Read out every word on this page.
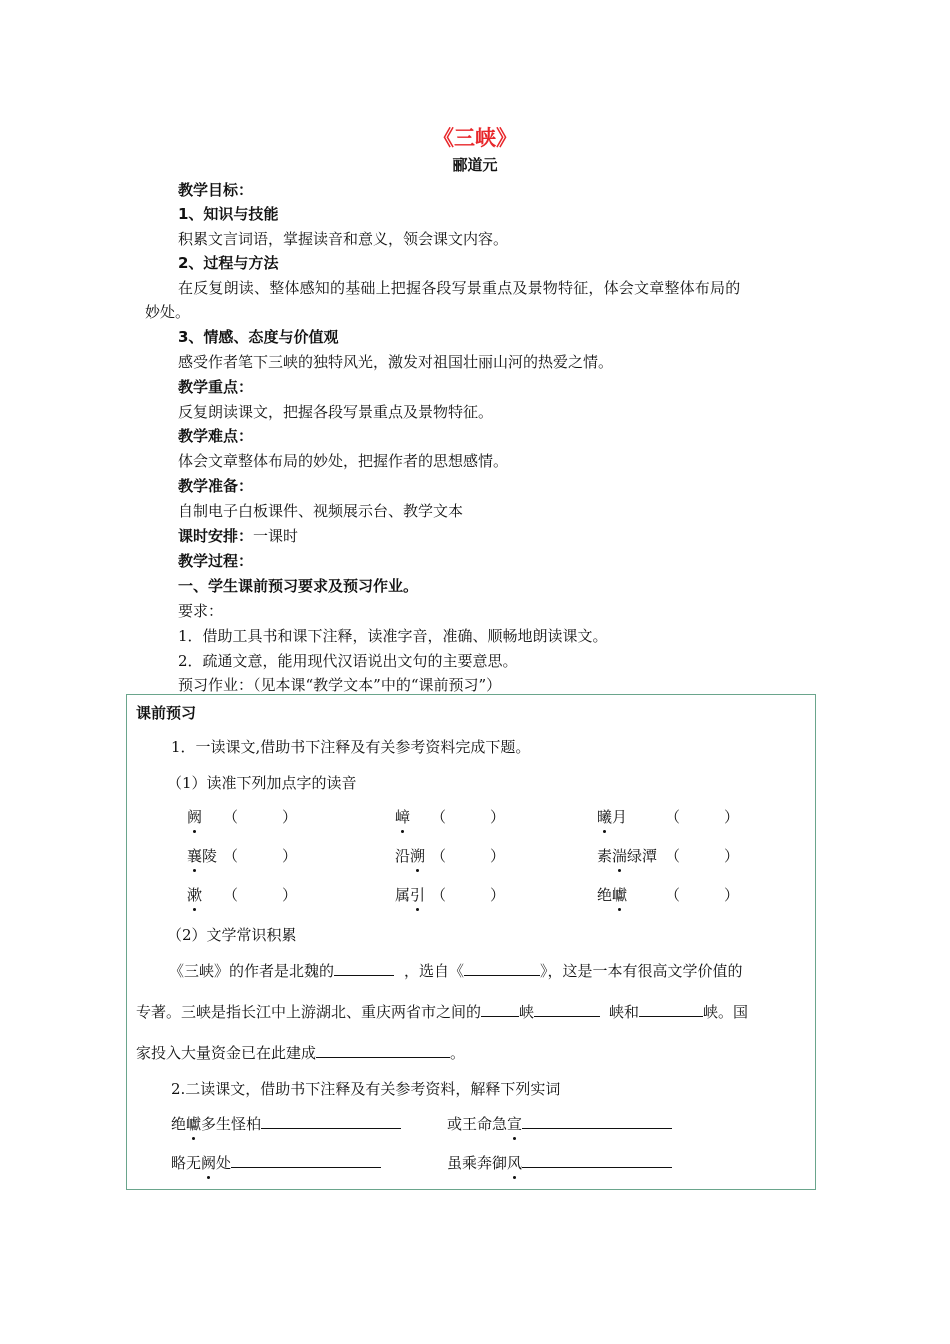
《三峡》
郦道元
教学目标：
1、知识与技能
积累文言词语，掌握读音和意义，领会课文内容。
2、过程与方法
在反复朗读、整体感知的基础上把握各段写景重点及景物特征，体会文章整体布局的
妙处。
3、情感、态度与价值观
感受作者笔下三峡的独特风光，激发对祖国壮丽山河的热爱之情。
教学重点：
反复朗读课文，把握各段写景重点及景物特征。
教学难点：
体会文章整体布局的妙处，把握作者的思想感情。
教学准备：
自制电子白板课件、视频展示台、教学文本
课时安排：一课时
教学过程：
一、学生课前预习要求及预习作业。
要求：
1．借助工具书和课下注释，读准字音，准确、顺畅地朗读课文。
2．疏通文意，能用现代汉语说出文句的主要意思。
预习作业：（见本课“教学文本”中的“课前预习”）
课前预习
1．一读课文,借助书下注释及有关参考资料完成下题。
（1）读准下列加点字的读音
阙 （	）	嶂 （	）	曦月	（	）
襄陵 （	）	沿溯 （	）	素湍绿潭 （	）
漱 （	）	属引 （	）	绝巘	（	）
（2）文学常识积累
《三峡》的作者是北魏的	，选自《	》，这是一本有很高文学价值的
专著。三峡是指长江中上游湖北、重庆两省市之间的	峡	峡和	峡。国
家投入大量资金已在此建成	。
2.二读课文，借助书下注释及有关参考资料，解释下列实词
绝巘多生怪柏	或王命急宣
略无阙处	虽乘奔御风
